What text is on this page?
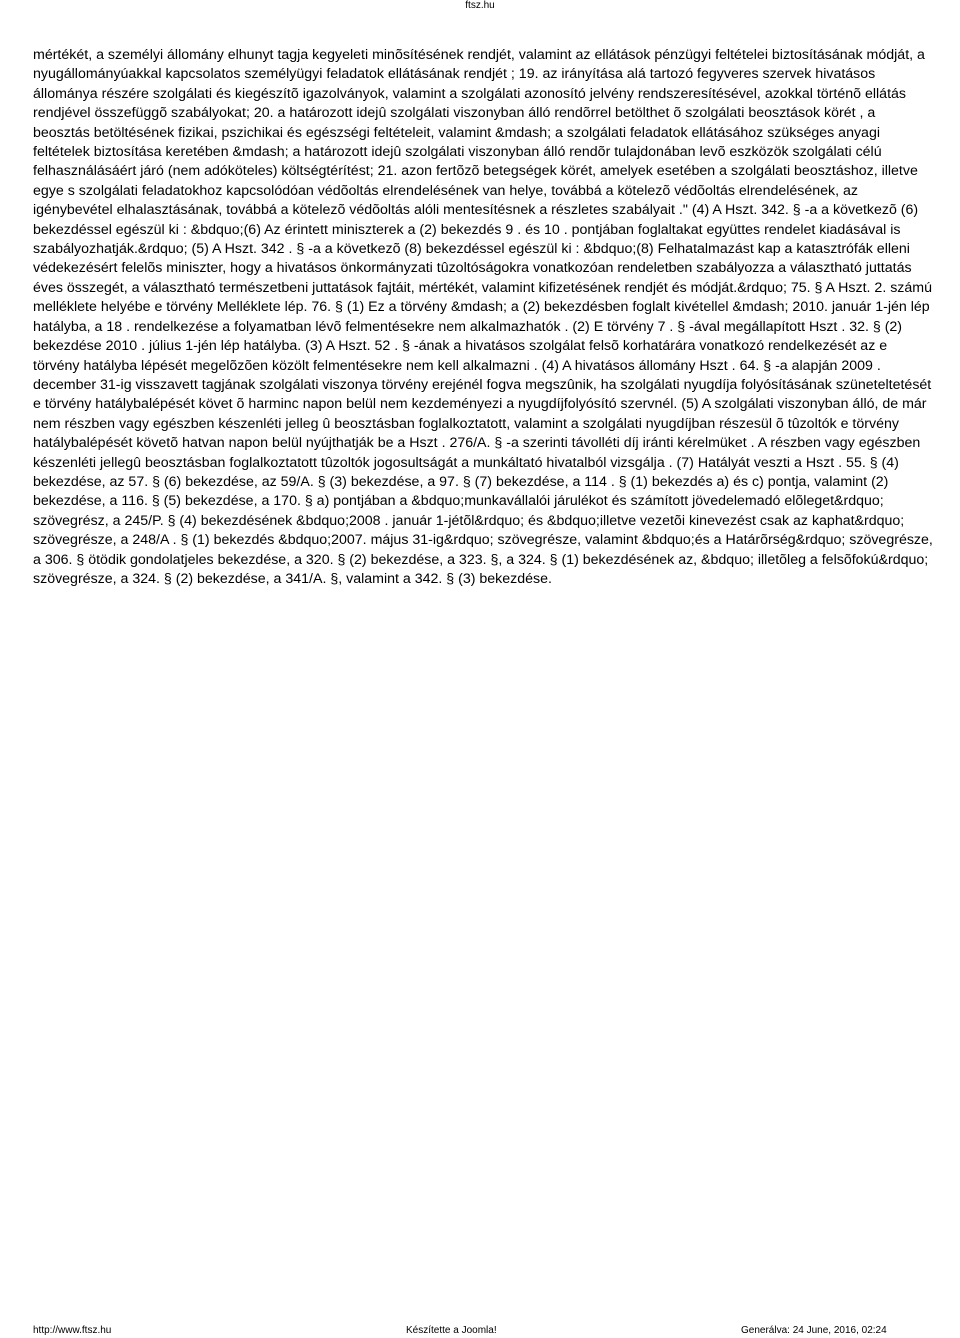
ftsz.hu

mértékét, a személyi állomány elhunyt tagja kegyeleti minõsítésének rendjét, valamint az ellátások pénzügyi feltételei biztosításának módját, a nyugállományúakkal kapcsolatos személyügyi feladatok ellátásának rendjét ; 19. az irányítása alá tartozó fegyveres szervek hivatásos állománya részére szolgálati és kiegészítõ igazolványok, valamint a szolgálati azonosító jelvény rendszeresítésével, azokkal történõ ellátás rendjével összefüggõ szabályokat; 20. a határozott idejû szolgálati viszonyban álló rendõrrel betölthet õ szolgálati beosztások körét , a beosztás betöltésének fizikai, pszichikai és egészségi feltételeit, valamint &mdash; a szolgálati feladatok ellátásához szükséges anyagi feltételek biztosítása keretében &mdash; a határozott idejû szolgálati viszonyban álló rendõr tulajdonában levõ eszközök szolgálati célú felhasználásáért járó (nem adóköteles) költségtérítést; 21. azon fertõzõ betegségek körét, amelyek esetében a szolgálati beosztáshoz, illetve egye s szolgálati feladatokhoz kapcsolódóan védõoltás elrendelésének van helye, továbbá a kötelezõ védõoltás elrendelésének, az igénybevétel elhalasztásának, továbbá a kötelezõ védõoltás alóli mentesítésnek a részletes szabályait ." (4) A Hszt. 342. § -a a következõ (6) bekezdéssel egészül ki : &bdquo;(6) Az érintett miniszterek a (2) bekezdés 9 . és 10 . pontjában foglaltakat együttes rendelet kiadásával is szabályozhatják.&rdquo; (5) A Hszt. 342 . § -a a következõ (8) bekezdéssel egészül ki : &bdquo;(8) Felhatalmazást kap a katasztrófák elleni védekezésért felelõs miniszter, hogy a hivatásos önkormányzati tûzoltóságokra vonatkozóan rendeletben szabályozza a választható juttatás éves összegét, a választható természetbeni juttatások fajtáit, mértékét, valamint kifizetésének rendjét és módját.&rdquo; 75. § A Hszt. 2. számú melléklete helyébe e törvény Melléklete lép. 76. § (1) Ez a törvény &mdash; a (2) bekezdésben foglalt kivétellel &mdash; 2010. január 1-jén lép hatályba, a 18 . rendelkezése a folyamatban lévõ felmentésekre nem alkalmazhatók . (2) E törvény 7 . § -ával megállapított Hszt . 32. § (2) bekezdése 2010 . július 1-jén lép hatályba. (3) A Hszt. 52 . § -ának a hivatásos szolgálat felsõ korhatárára vonatkozó rendelkezését az e törvény hatályba lépését megelõzõen közölt felmentésekre nem kell alkalmazni . (4) A hivatásos állomány Hszt . 64. § -a alapján 2009 . december 31-ig visszavett tagjának szolgálati viszonya törvény erejénél fogva megszûnik, ha szolgálati nyugdíja folyósításának szüneteltetését e törvény hatálybalépését követ õ harminc napon belül nem kezdeményezi a nyugdíjfolyósító szervnél. (5) A szolgálati viszonyban álló, de már nem részben vagy egészben készenléti jelleg û beosztásban foglalkoztatott, valamint a szolgálati nyugdíjban részesül õ tûzoltók e törvény hatálybalépését követõ hatvan napon belül nyújthatják be a Hszt . 276/A. § -a szerinti távolléti díj iránti kérelmüket . A részben vagy egészben készenléti jellegû beosztásban foglalkoztatott tûzoltók jogosultságát a munkáltató hivatalból vizsgálja . (7) Hatályát veszti a Hszt . 55. § (4) bekezdése, az 57. § (6) bekezdése, az 59/A. § (3) bekezdése, a 97. § (7) bekezdése, a 114 . § (1) bekezdés a) és c) pontja, valamint (2) bekezdése, a 116. § (5) bekezdése, a 170. § a) pontjában a &bdquo;munkavállalói járulékot és számított jövedelemadó elõleget&rdquo; szövegrész, a 245/P. § (4) bekezdésének &bdquo;2008 . január 1-jétõl&rdquo; és &bdquo;illetve vezetõi kinevezést csak az kaphat&rdquo; szövegrésze, a 248/A . § (1) bekezdés &bdquo;2007. május 31-ig&rdquo; szövegrésze, valamint &bdquo;és a Határõrség&rdquo; szövegrésze, a 306. § ötödik gondolatjeles bekezdése, a 320. § (2) bekezdése, a 323. §, a 324. § (1) bekezdésének az, &bdquo; illetõleg a felsõfokú&rdquo; szövegrésze, a 324. § (2) bekezdése, a 341/A. §, valamint a 342. § (3) bekezdése.

http://www.ftsz.hu	Készítette a Joomla!	Generálva: 24 June, 2016, 02:24
